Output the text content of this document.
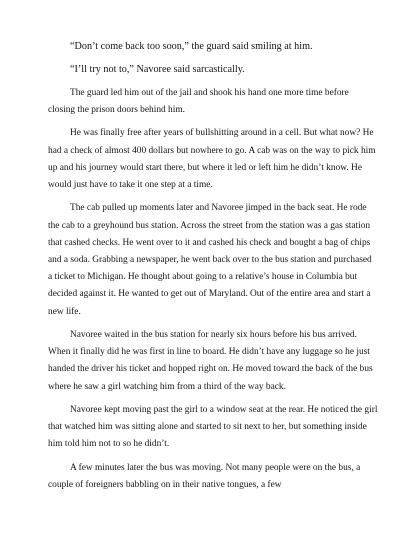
“Don’t come back too soon,” the guard said smiling at him.

“I’ll try not to,” Navoree said sarcastically.

The guard led him out of the jail and shook his hand one more time before closing the prison doors behind him.

He was finally free after years of bullshitting around in a cell. But what now? He had a check of almost 400 dollars but nowhere to go. A cab was on the way to pick him up and his journey would start there, but where it led or left him he didn’t know. He would just have to take it one step at a time.

The cab pulled up moments later and Navoree jimped in the back seat. He rode the cab to a greyhound bus station. Across the street from the station was a gas station that cashed checks. He went over to it and cashed his check and bought a bag of chips and a soda. Grabbing a newspaper, he went back over to the bus station and purchased a ticket to Michigan. He thought about going to a relative’s house in Columbia but decided against it. He wanted to get out of Maryland. Out of the entire area and start a new life.

Navoree waited in the bus station for nearly six hours before his bus arrived. When it finally did he was first in line to board. He didn’t have any luggage so he just handed the driver his ticket and hopped right on. He moved toward the back of the bus where he saw a girl watching him from a third of the way back.

Navoree kept moving past the girl to a window seat at the rear. He noticed the girl that watched him was sitting alone and started to sit next to her, but something inside him told him not to so he didn’t.

A few minutes later the bus was moving. Not many people were on the bus, a couple of foreigners babbling on in their native tongues, a few
